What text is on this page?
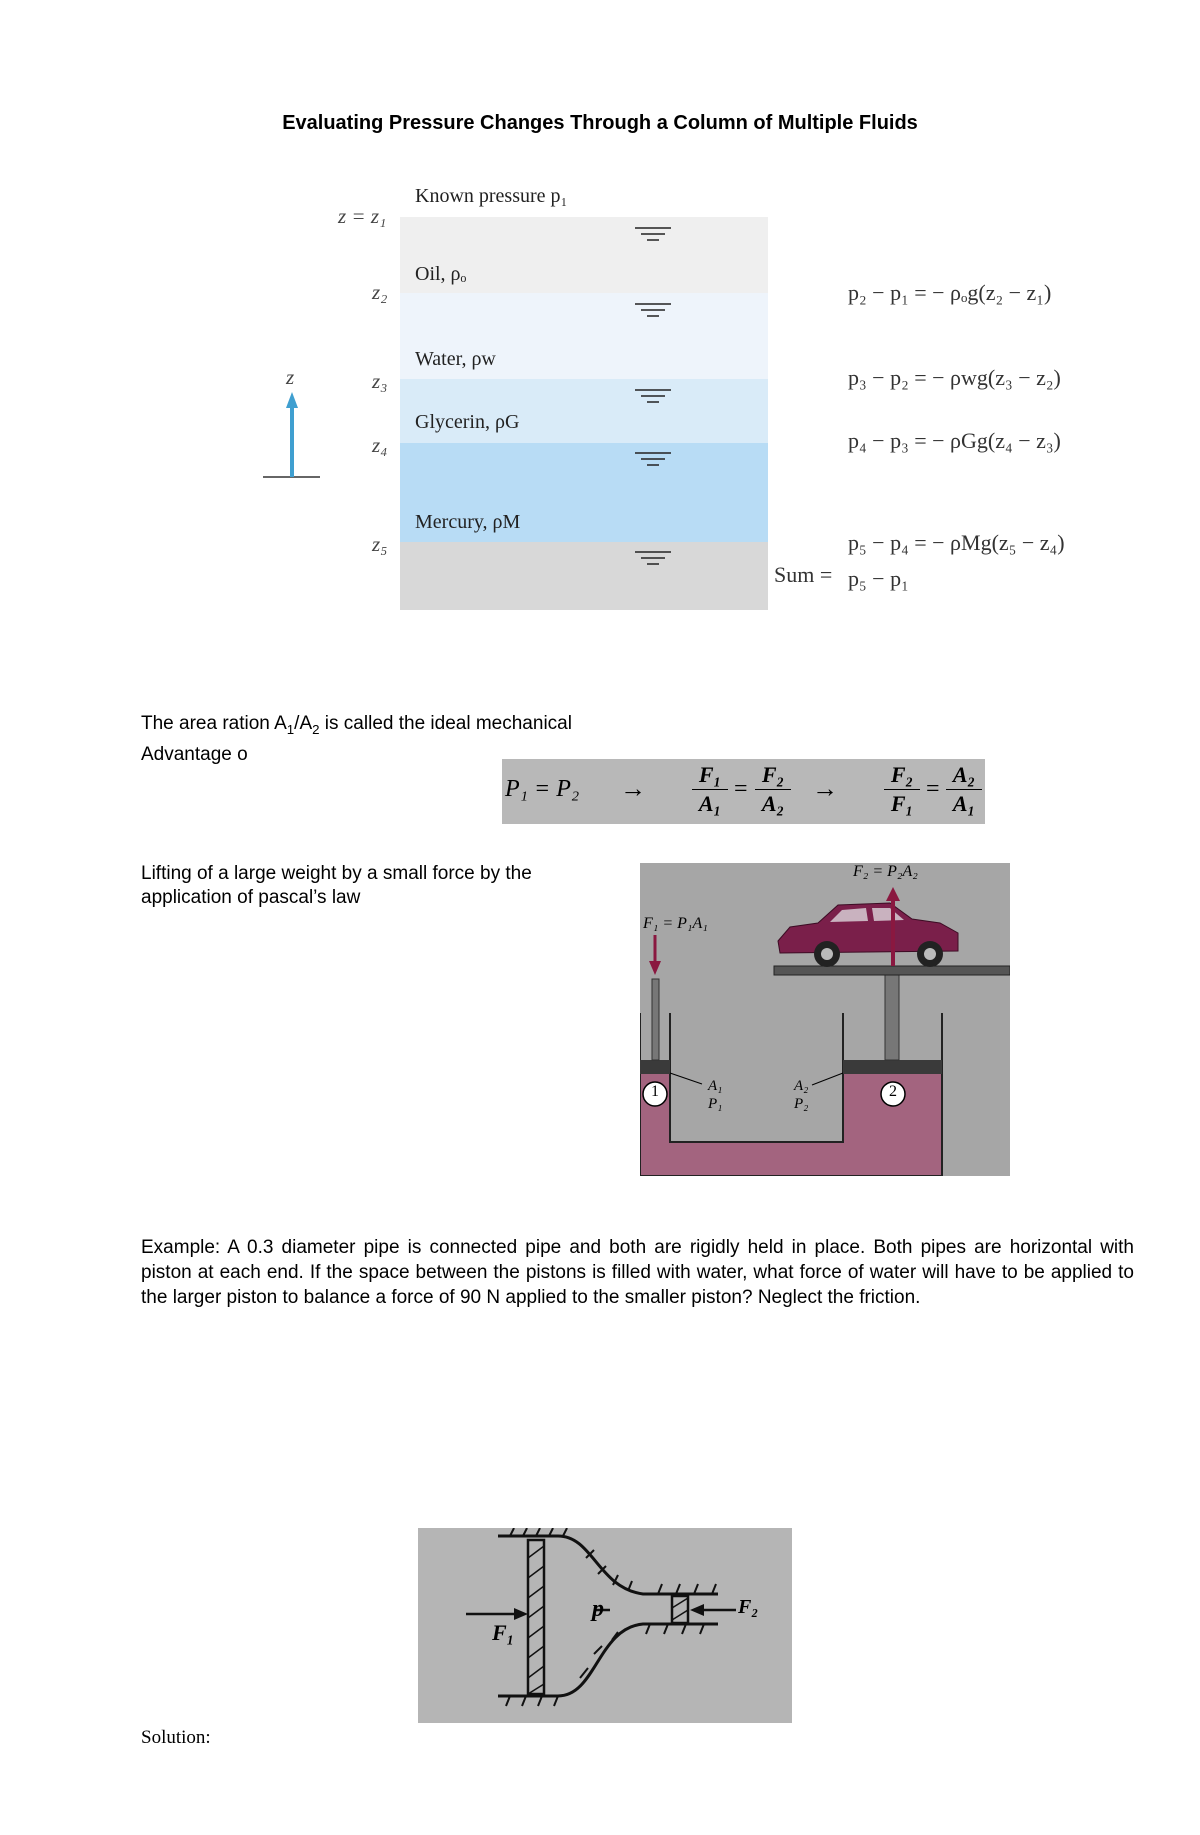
Evaluating Pressure Changes Through a Column of Multiple Fluids
Known pressure p₁
Oil, ρₒ
Water, ρw
Glycerin, ρG
Mercury, ρM
z = z₁
z₂
z₃
z₄
z₅
z
p₂ − p₁ = − ρₒg(z₂ − z₁)
p₃ − p₂ = − ρwg(z₃ − z₂)
p₄ − p₃ = − ρGg(z₄ − z₃)
p₅ − p₄ = − ρMg(z₅ − z₄)
Sum = p₅ − p₁
The area ration $A_1/A_2$ is called the ideal mechanical
Advantage o
P₁ = P₂ →	F₁
A₁
=
F₂
A₂
→	F₂
F₁
=
A₂
A₁
Lifting of a large weight by a small force by the application of pascal’s law
1	2
F₂ = P₂A₂
F₁ = P₁A₁
A₁
P₁
A₂
P₂
Example: A 0.3 diameter pipe is connected pipe and both are rigidly held in place. Both pipes are horizontal with piston at each end. If the space between the pistons is filled with water, what force of water will have to be applied to the larger piston to balance a force of 90 N applied to the smaller piston? Neglect the friction.
F₁
F₂
p
Solution:
